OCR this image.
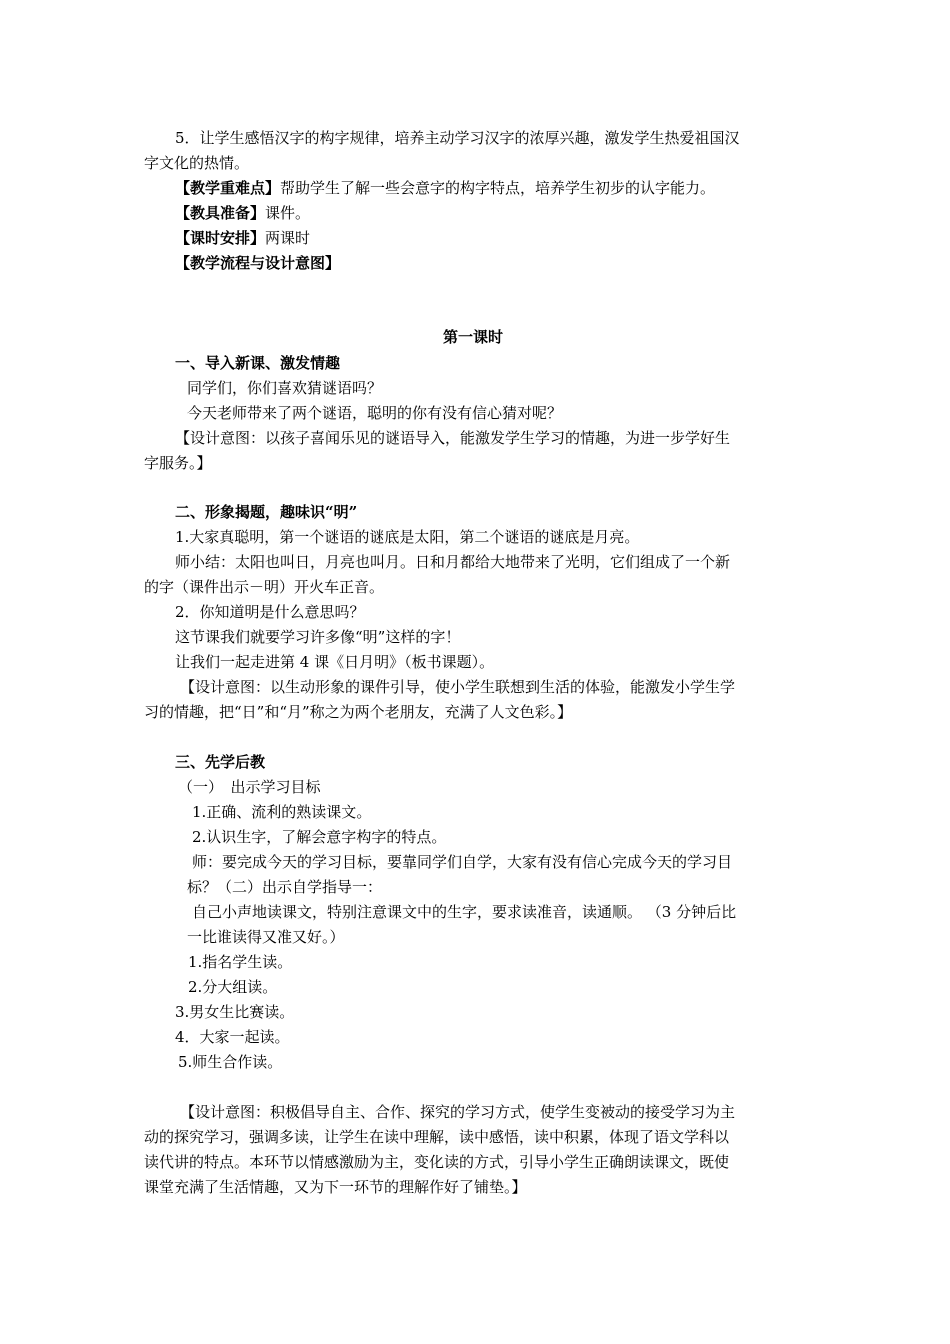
5．让学生感悟汉字的构字规律，培养主动学习汉字的浓厚兴趣，激发学生热爱祖国汉
字文化的热情。
【教学重难点】帮助学生了解一些会意字的构字特点，培养学生初步的认字能力。
【教具准备】课件。
【课时安排】两课时
【教学流程与设计意图】
第一课时
一、导入新课、激发情趣
同学们，你们喜欢猜谜语吗？
今天老师带来了两个谜语，聪明的你有没有信心猜对呢？
【设计意图：以孩子喜闻乐见的谜语导入，能激发学生学习的情趣，为进一步学好生
字服务。】
二、形象揭题，趣味识“明”
1.大家真聪明，第一个谜语的谜底是太阳，第二个谜语的谜底是月亮。
师小结：太阳也叫日，月亮也叫月。日和月都给大地带来了光明，它们组成了一个新
的字（课件出示－明）开火车正音。
2．你知道明是什么意思吗？
这节课我们就要学习许多像“明”这样的字！
让我们一起走进第 4 课《日月明》（板书课题）。
【设计意图：以生动形象的课件引导，使小学生联想到生活的体验，能激发小学生学
习的情趣，把“日”和“月”称之为两个老朋友，充满了人文色彩。】
三、先学后教
（一）　出示学习目标
1.正确、流利的熟读课文。
2.认识生字，了解会意字构字的特点。
师：要完成今天的学习目标，要靠同学们自学，大家有没有信心完成今天的学习目
标？（二）出示自学指导一：
自己小声地读课文，特别注意课文中的生字，要求读准音，读通顺。 （3 分钟后比
一比谁读得又准又好。）
1.指名学生读。
2.分大组读。
3.男女生比赛读。
4．大家一起读。
5.师生合作读。
【设计意图：积极倡导自主、合作、探究的学习方式，使学生变被动的接受学习为主
动的探究学习，强调多读，让学生在读中理解，读中感悟，读中积累，体现了语文学科以
读代讲的特点。本环节以情感激励为主，变化读的方式，引导小学生正确朗读课文，既使
课堂充满了生活情趣，又为下一环节的理解作好了铺垫。】
